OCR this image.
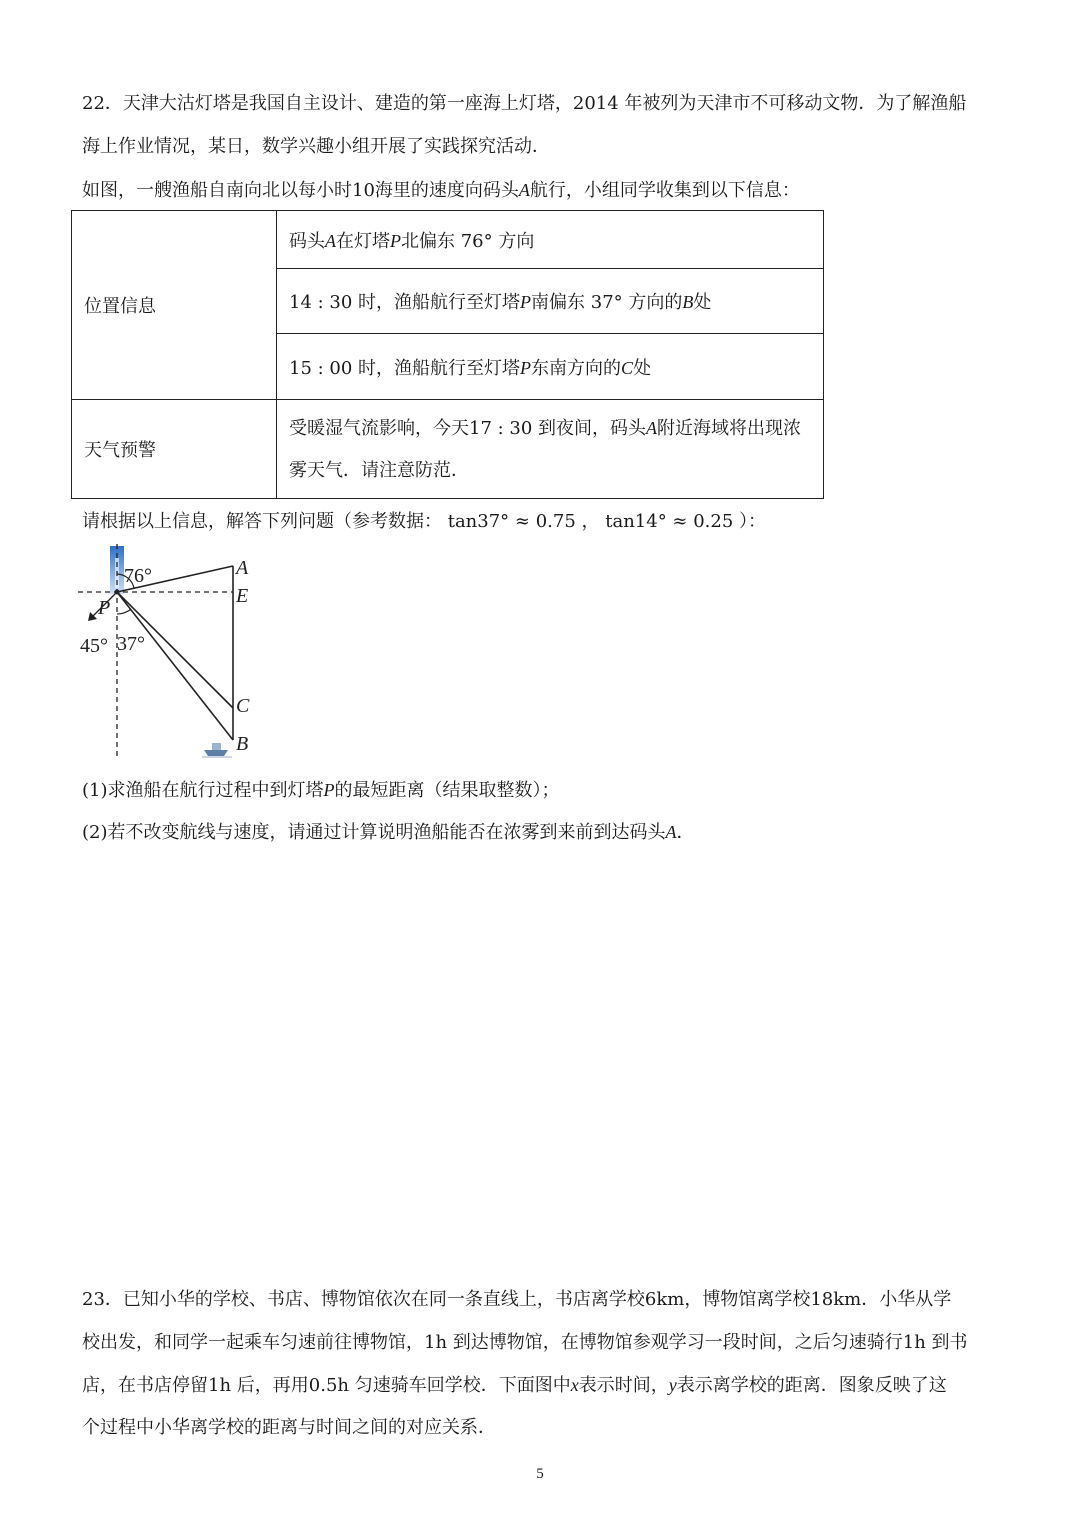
22．天津大沽灯塔是我国自主设计、建造的第一座海上灯塔，2014 年被列为天津市不可移动文物．为了解渔船
海上作业情况，某日，数学兴趣小组开展了实践探究活动．
如图，一艘渔船自南向北以每小时10海里的速度向码头A航行，小组同学收集到以下信息：
位置信息	码头A在灯塔P北偏东 76° 方向
	14 : 30 时，渔船航行至灯塔P南偏东 37° 方向的B处
	15 : 00 时，渔船航行至灯塔P东南方向的C处
天气预警	受暖湿气流影响，今天17 : 30 到夜间，码头A附近海域将出现浓雾天气．请注意防范．
请根据以上信息，解答下列问题（参考数据： tan37° ≈ 0.75 ， tan14° ≈ 0.25 ）：
76°	A
E
P
45° 37°
C
B
(1)求渔船在航行过程中到灯塔P的最短距离（结果取整数）；
(2)若不改变航线与速度，请通过计算说明渔船能否在浓雾到来前到达码头A．
23．已知小华的学校、书店、博物馆依次在同一条直线上，书店离学校6km，博物馆离学校18km．小华从学
校出发，和同学一起乘车匀速前往博物馆，1h 到达博物馆，在博物馆参观学习一段时间，之后匀速骑行1h 到书
店，在书店停留1h 后，再用0.5h 匀速骑车回学校．下面图中x表示时间，y表示离学校的距离．图象反映了这
个过程中小华离学校的距离与时间之间的对应关系．
5
